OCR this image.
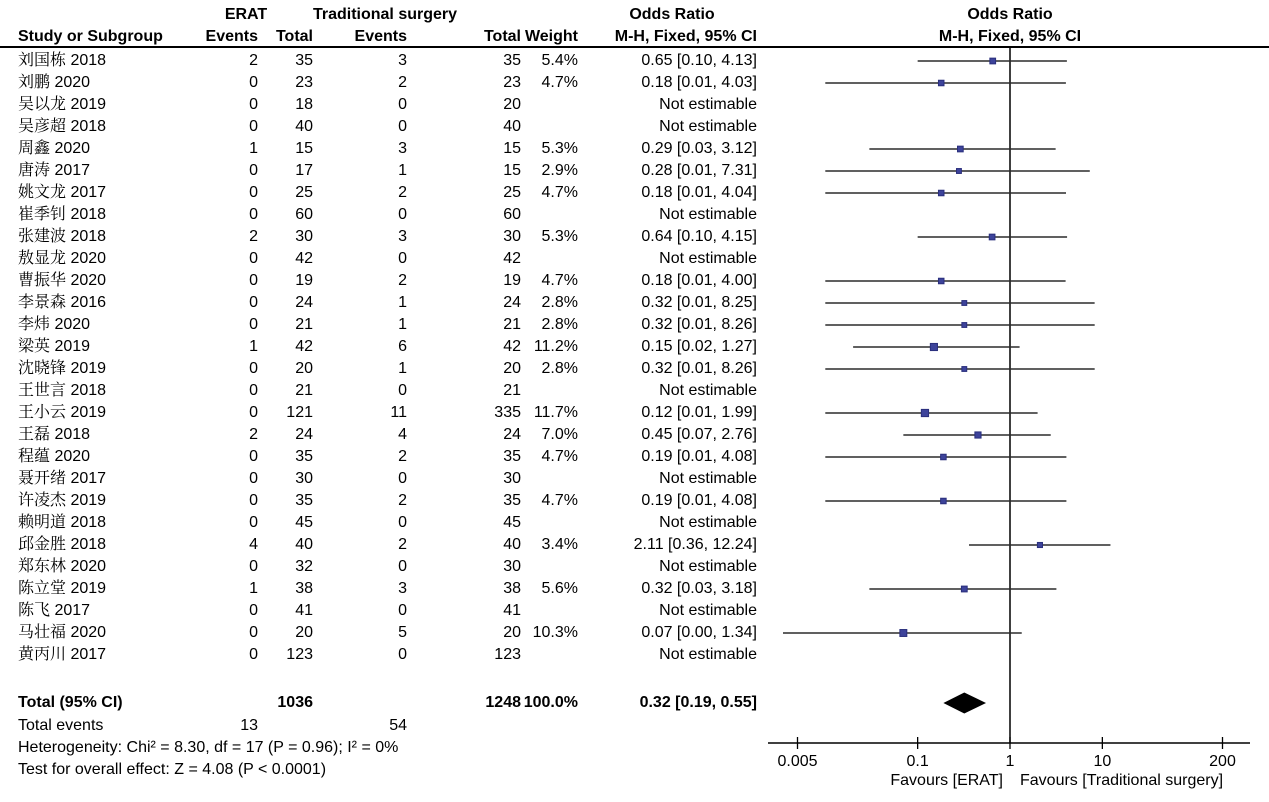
ERAT	Traditional surgery	Odds Ratio	Odds Ratio
Study or Subgroup	Events Total	Events	Total Weight M-H, Fixed, 95% CI	M-H, Fixed, 95% CI
刘国栋 2018	2 35	3	35 5.4%	0.65 [0.10, 4.13]
刘鹏 2020	0 23	2	23 4.7%	0.18 [0.01, 4.03]
吴以龙 2019	0 18	0	20	Not estimable
吴彦超 2018	0 40	0	40	Not estimable
周鑫 2020	1 15	3	15 5.3%	0.29 [0.03, 3.12]
唐涛 2017	0 17	1	15 2.9%	0.28 [0.01, 7.31]
姚文龙 2017	0 25	2	25 4.7%	0.18 [0.01, 4.04]
崔季钊 2018	0 60	0	60	Not estimable
张建波 2018	2 30	3	30 5.3%	0.64 [0.10, 4.15]
敖显龙 2020	0 42	0	42	Not estimable
曹振华 2020	0 19	2	19 4.7%	0.18 [0.01, 4.00]
李景森 2016	0 24	1	24 2.8%	0.32 [0.01, 8.25]
李炜 2020	0 21	1	21 2.8%	0.32 [0.01, 8.26]
梁英 2019	1 42	6	42 11.2%	0.15 [0.02, 1.27]
沈晓锋 2019	0 20	1	20 2.8%	0.32 [0.01, 8.26]
王世言 2018	0 21	0	21	Not estimable
王小云 2019	0 121	11	335 11.7%	0.12 [0.01, 1.99]
王磊 2018	2 24	4	24 7.0%	0.45 [0.07, 2.76]
程蕴 2020	0 35	2	35 4.7%	0.19 [0.01, 4.08]
聂开绪 2017	0 30	0	30	Not estimable
许凌杰 2019	0 35	2	35 4.7%	0.19 [0.01, 4.08]
赖明道 2018	0 45	0	45	Not estimable
邱金胜 2018	4 40	2	40 3.4%	2.11 [0.36, 12.24]
郑东林 2020	0 32	0	30	Not estimable
陈立堂 2019	1 38	3	38 5.6%	0.32 [0.03, 3.18]
陈飞 2017	0 41	0	41	Not estimable
马壮福 2020	0 20	5	20 10.3%	0.07 [0.00, 1.34]
黄丙川 2017	0 123	0	123	Not estimable
Total (95% CI)	1036	1248 100.0%	0.32 [0.19, 0.55]
Total events	13	54
Heterogeneity: Chi² = 8.30, df = 17 (P = 0.96); I² = 0%
Test for overall effect: Z = 4.08 (P < 0.0001)	0.005	0.1	1	10	200
Favours [ERAT] Favours [Traditional surgery]
